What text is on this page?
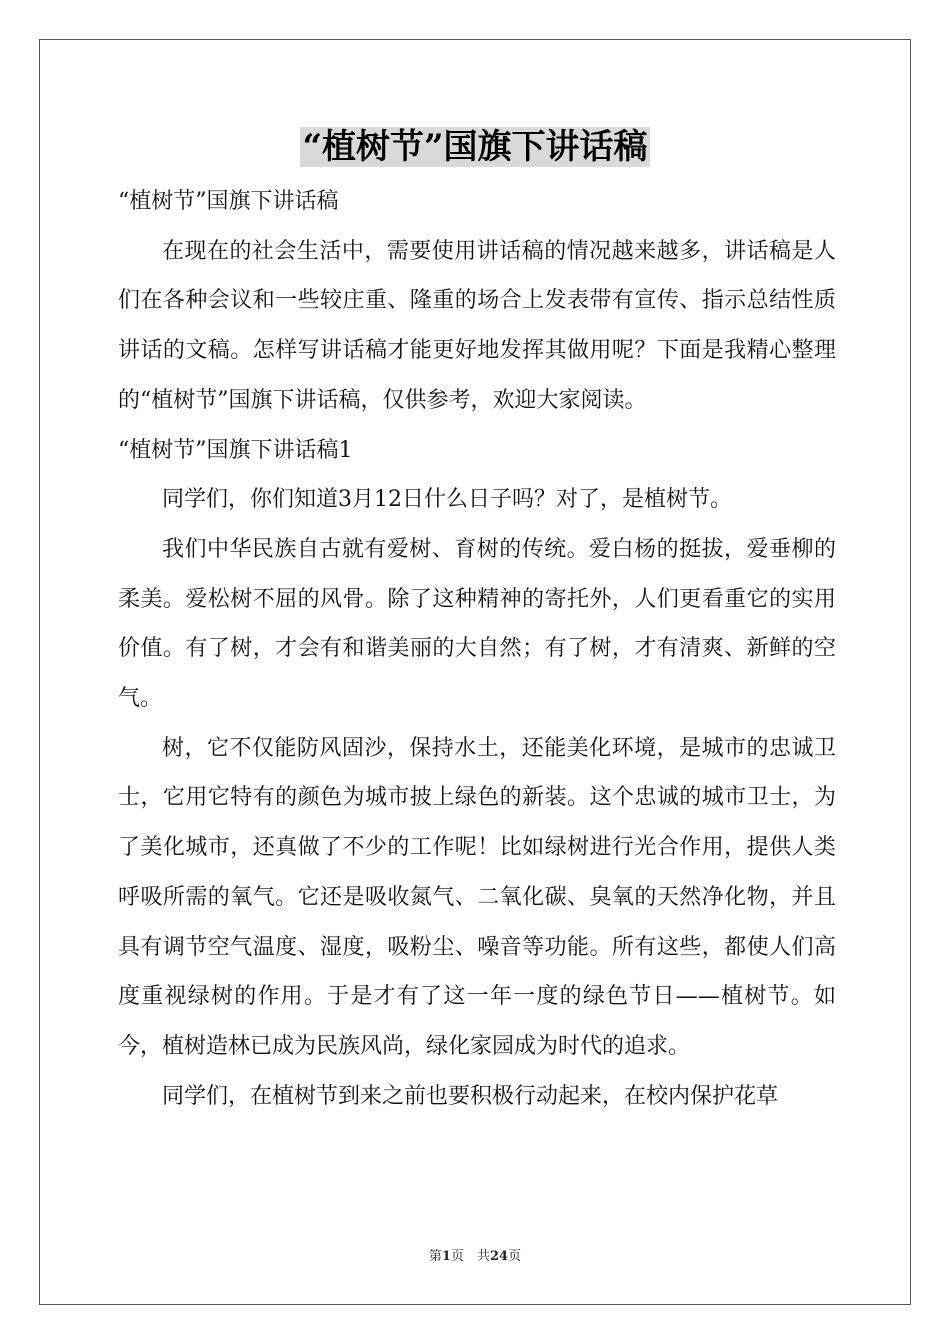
“植树节”国旗下讲话稿

“植树节”国旗下讲话稿

在现在的社会生活中，需要使用讲话稿的情况越来越多，讲话稿是人们在各种会议和一些较庄重、隆重的场合上发表带有宣传、指示总结性质讲话的文稿。怎样写讲话稿才能更好地发挥其做用呢？下面是我精心整理的“植树节”国旗下讲话稿，仅供参考，欢迎大家阅读。

“植树节”国旗下讲话稿1

同学们，你们知道3月12日什么日子吗？对了，是植树节。

我们中华民族自古就有爱树、育树的传统。爱白杨的挺拔，爱垂柳的柔美。爱松树不屈的风骨。除了这种精神的寄托外，人们更看重它的实用价值。有了树，才会有和谐美丽的大自然；有了树，才有清爽、新鲜的空气。

树，它不仅能防风固沙，保持水土，还能美化环境，是城市的忠诚卫士，它用它特有的颜色为城市披上绿色的新装。这个忠诚的城市卫士，为了美化城市，还真做了不少的工作呢！比如绿树进行光合作用，提供人类呼吸所需的氧气。它还是吸收氮气、二氧化碳、臭氧的天然净化物，并且具有调节空气温度、湿度，吸粉尘、噪音等功能。所有这些，都使人们高度重视绿树的作用。于是才有了这一年一度的绿色节日——植树节。如今，植树造林已成为民族风尚，绿化家园成为时代的追求。

同学们，在植树节到来之前也要积极行动起来，在校内保护花草

第1页　共24页
